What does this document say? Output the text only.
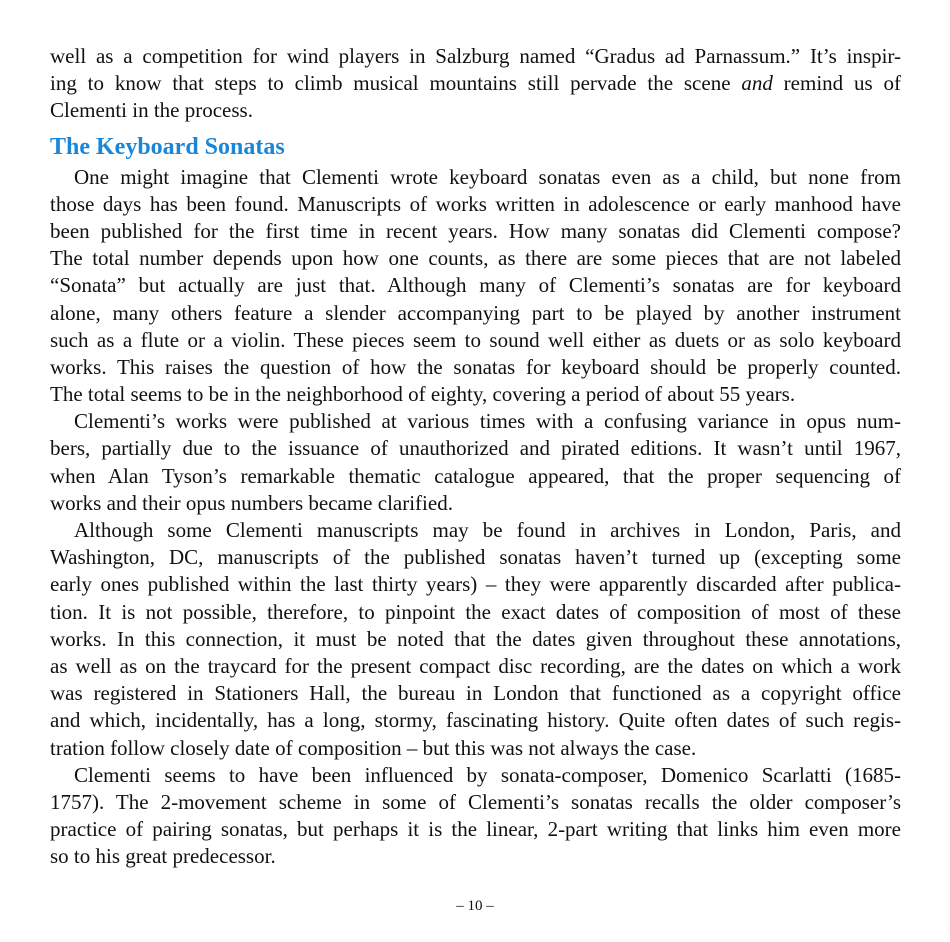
well as a competition for wind players in Salzburg named “Gradus ad Parnassum.” It’s inspir-
ing to know that steps to climb musical mountains still pervade the scene and remind us of
Clementi in the process.
The Keyboard Sonatas
One might imagine that Clementi wrote keyboard sonatas even as a child, but none from
those days has been found. Manuscripts of works written in adolescence or early manhood have
been published for the first time in recent years. How many sonatas did Clementi compose?
The total number depends upon how one counts, as there are some pieces that are not labeled
“Sonata” but actually are just that. Although many of Clementi’s sonatas are for keyboard
alone, many others feature a slender accompanying part to be played by another instrument
such as a flute or a violin. These pieces seem to sound well either as duets or as solo keyboard
works. This raises the question of how the sonatas for keyboard should be properly counted.
The total seems to be in the neighborhood of eighty, covering a period of about 55 years.
Clementi’s works were published at various times with a confusing variance in opus num-
bers, partially due to the issuance of unauthorized and pirated editions. It wasn’t until 1967,
when Alan Tyson’s remarkable thematic catalogue appeared, that the proper sequencing of
works and their opus numbers became clarified.
Although some Clementi manuscripts may be found in archives in London, Paris, and
Washington, DC, manuscripts of the published sonatas haven’t turned up (excepting some
early ones published within the last thirty years) – they were apparently discarded after publica-
tion. It is not possible, therefore, to pinpoint the exact dates of composition of most of these
works. In this connection, it must be noted that the dates given throughout these annotations,
as well as on the traycard for the present compact disc recording, are the dates on which a work
was registered in Stationers Hall, the bureau in London that functioned as a copyright office
and which, incidentally, has a long, stormy, fascinating history. Quite often dates of such regis-
tration follow closely date of composition – but this was not always the case.
Clementi seems to have been influenced by sonata-composer, Domenico Scarlatti (1685-
1757). The 2-movement scheme in some of Clementi’s sonatas recalls the older composer’s
practice of pairing sonatas, but perhaps it is the linear, 2-part writing that links him even more
so to his great predecessor.
– 10 –
